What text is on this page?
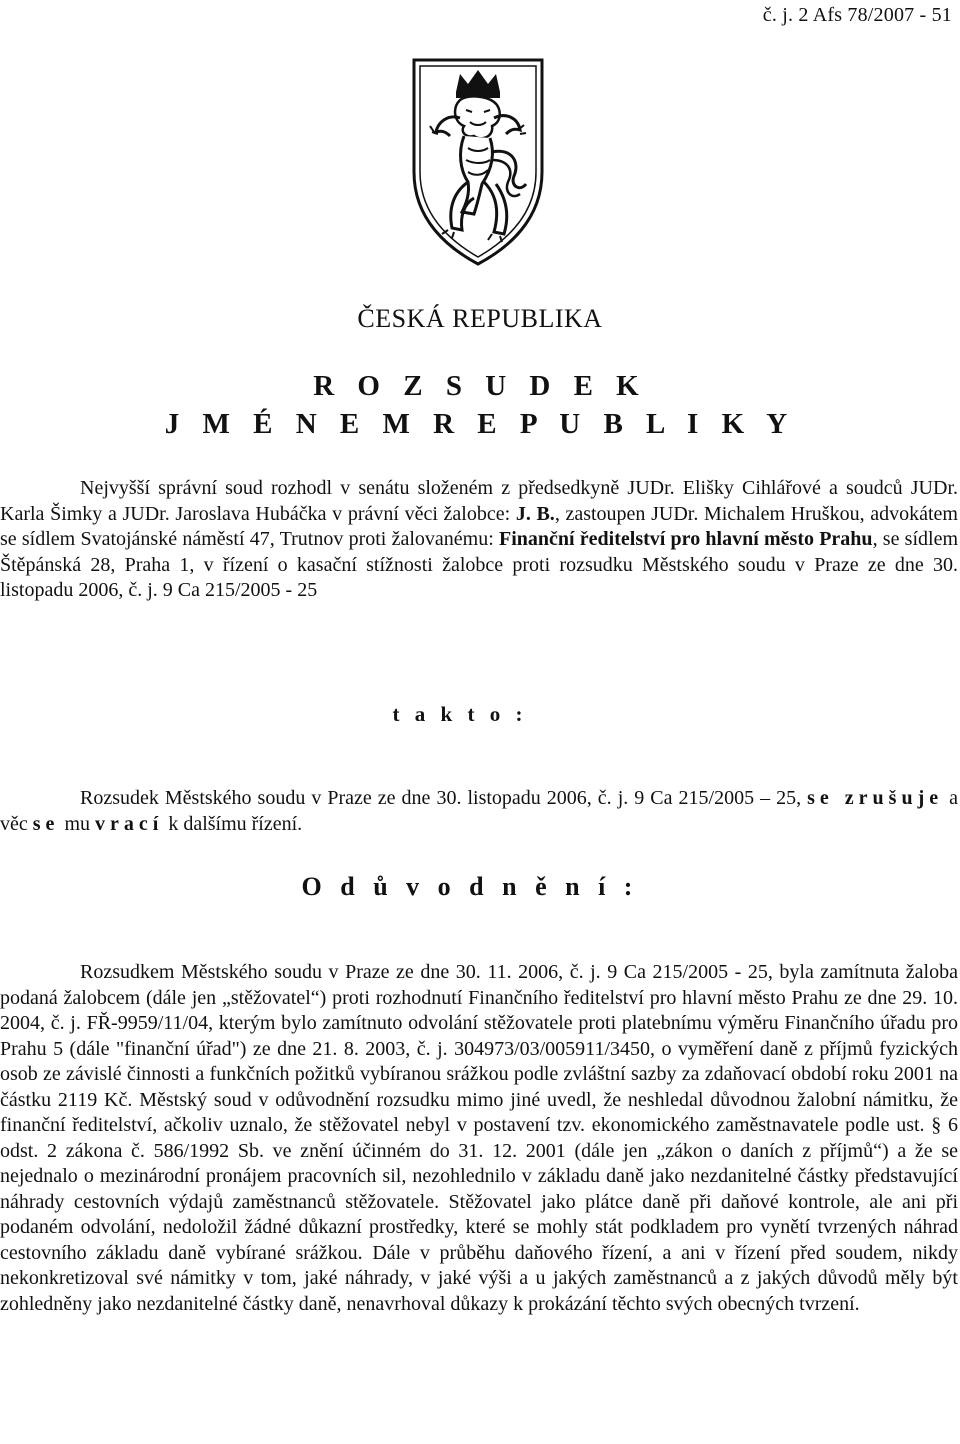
č. j. 2 Afs 78/2007 - 51
ČESKÁ REPUBLIKA
R O Z S U D E K
J M É N E M R E P U B L I K Y
Nejvyšší správní soud rozhodl v senátu složeném z předsedkyně JUDr. Elišky Cihlářové a soudců JUDr. Karla Šimky a JUDr. Jaroslava Hubáčka v právní věci žalobce: J. B., zastoupen JUDr. Michalem Hruškou, advokátem se sídlem Svatojánské náměstí 47, Trutnov proti žalovanému: Finanční ředitelství pro hlavní město Prahu, se sídlem Štěpánská 28, Praha 1, v řízení o kasační stížnosti žalobce proti rozsudku Městského soudu v Praze ze dne 30. listopadu 2006, č. j. 9 Ca 215/2005 - 25
t a k t o :
Rozsudek Městského soudu v Praze ze dne 30. listopadu 2006, č. j. 9 Ca 215/2005 – 25, se zrušuje a věc se mu vrací k dalšímu řízení.
O d ů v o d n ě n í :
Rozsudkem Městského soudu v Praze ze dne 30. 11. 2006, č. j. 9 Ca 215/2005 - 25, byla zamítnuta žaloba podaná žalobcem (dále jen „stěžovatel“) proti rozhodnutí Finančního ředitelství pro hlavní město Prahu ze dne 29. 10. 2004, č. j. FŘ-9959/11/04, kterým bylo zamítnuto odvolání stěžovatele proti platebnímu výměru Finančního úřadu pro Prahu 5 (dále "finanční úřad") ze dne 21. 8. 2003, č. j. 304973/03/005911/3450, o vyměření daně z příjmů fyzických osob ze závislé činnosti a funkčních požitků vybíranou srážkou podle zvláštní sazby za zdaňovací období roku 2001 na částku 2119 Kč. Městský soud v odůvodnění rozsudku mimo jiné uvedl, že neshledal důvodnou žalobní námitku, že finanční ředitelství, ačkoliv uznalo, že stěžovatel nebyl v postavení tzv. ekonomického zaměstnavatele podle ust. § 6 odst. 2 zákona č. 586/1992 Sb. ve znění účinném do 31. 12. 2001 (dále jen „zákon o daních z příjmů“) a že se nejednalo o mezinárodní pronájem pracovních sil, nezohlednilo v základu daně jako nezdanitelné částky představující náhrady cestovních výdajů zaměstnanců stěžovatele. Stěžovatel jako plátce daně při daňové kontrole, ale ani při podaném odvolání, nedoložil žádné důkazní prostředky, které se mohly stát podkladem pro vynětí tvrzených náhrad cestovního základu daně vybírané srážkou. Dále v průběhu daňového řízení, a ani v řízení před soudem, nikdy nekonkretizoval své námitky v tom, jaké náhrady, v jaké výši a u jakých zaměstnanců a z jakých důvodů měly být zohledněny jako nezdanitelné částky daně, nenavrhoval důkazy k prokázání těchto svých obecných tvrzení.
